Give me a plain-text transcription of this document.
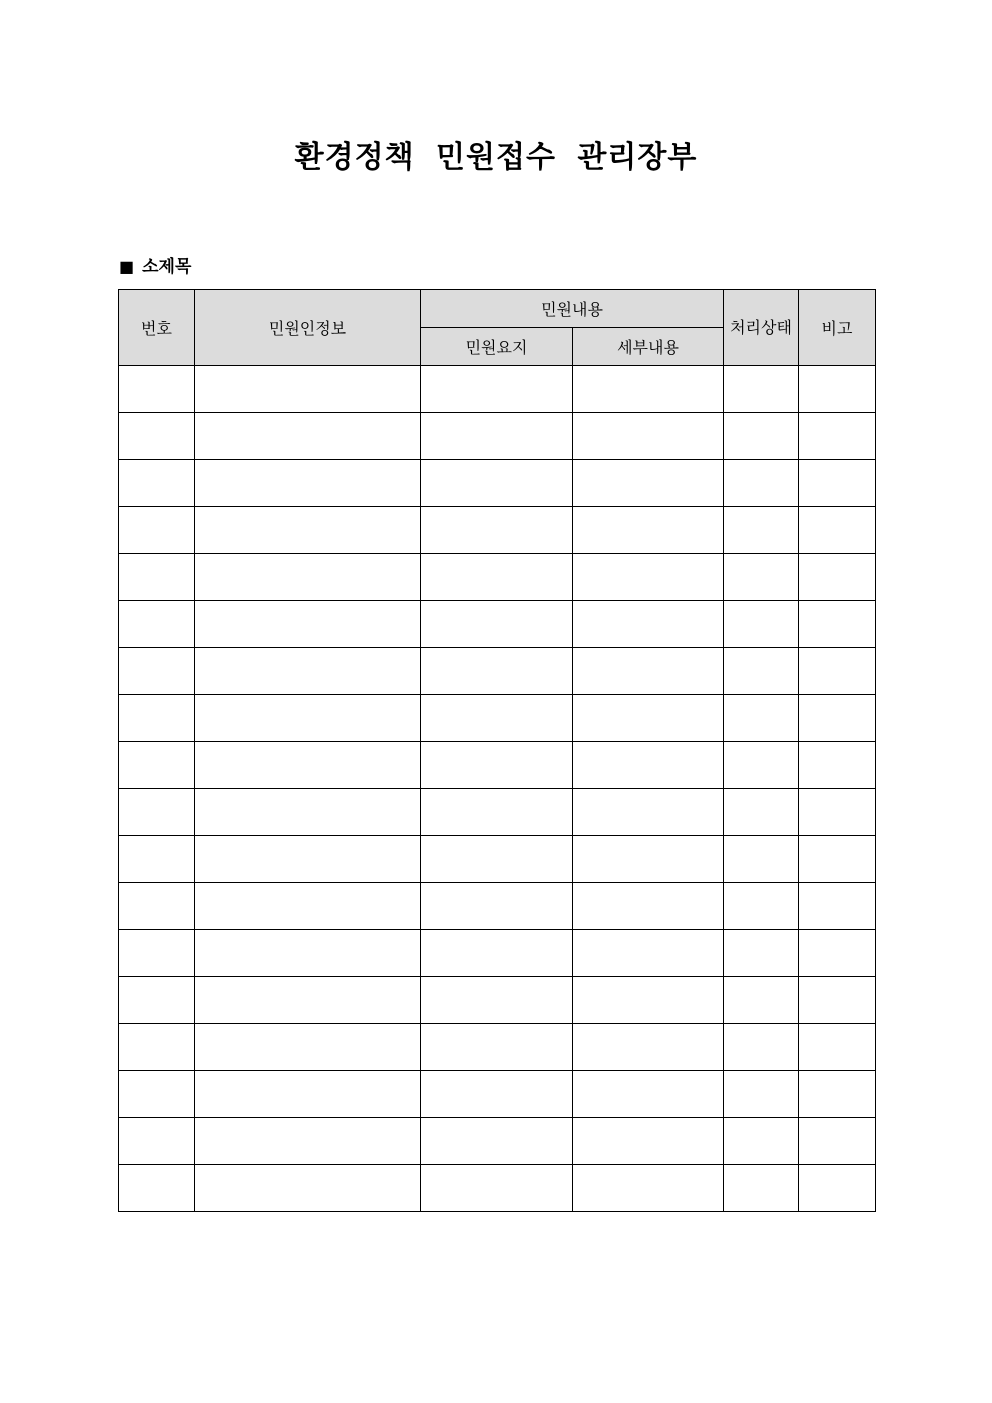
환경정책 민원접수 관리장부
■ 소제목
번호	민원인정보	민원내용		처리상태	비고
		민원요지	세부내용		
